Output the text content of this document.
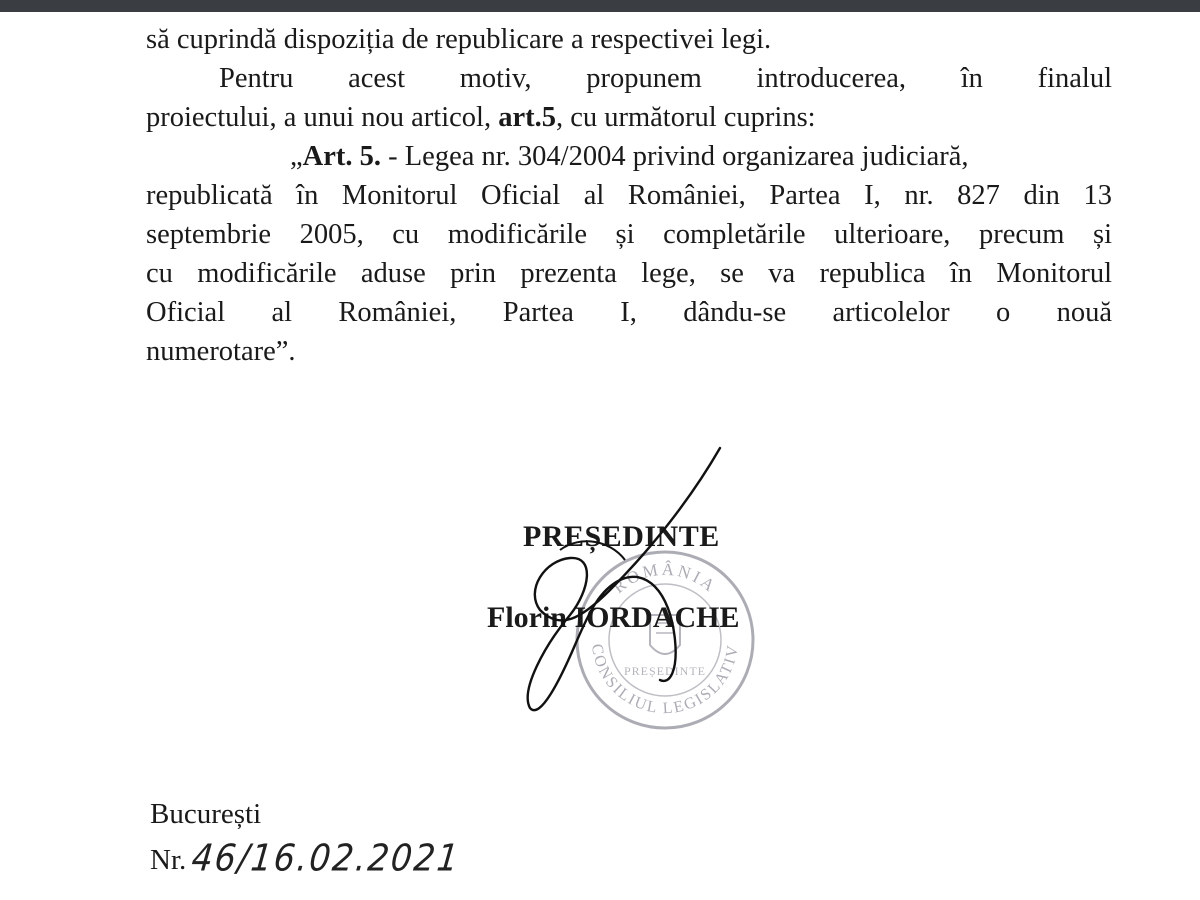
să cuprindă dispoziția de republicare a respectivei legi.
Pentru acest motiv, propunem introducerea, în finalul
proiectului, a unui nou articol, art.5, cu următorul cuprins:
„Art. 5. - Legea nr. 304/2004 privind organizarea judiciară,
republicată în Monitorul Oficial al României, Partea I, nr. 827 din 13
septembrie 2005, cu modificările și completările ulterioare, precum și
cu modificările aduse prin prezenta lege, se va republica în Monitorul
Oficial al României, Partea I, dându-se articolelor o nouă
numerotare”.
ROMÂNIA
CONSILIUL LEGISLATIV
PREȘEDINTE
PREȘEDINTE
Florin IORDACHE
București
Nr. 46/16.02.2021
